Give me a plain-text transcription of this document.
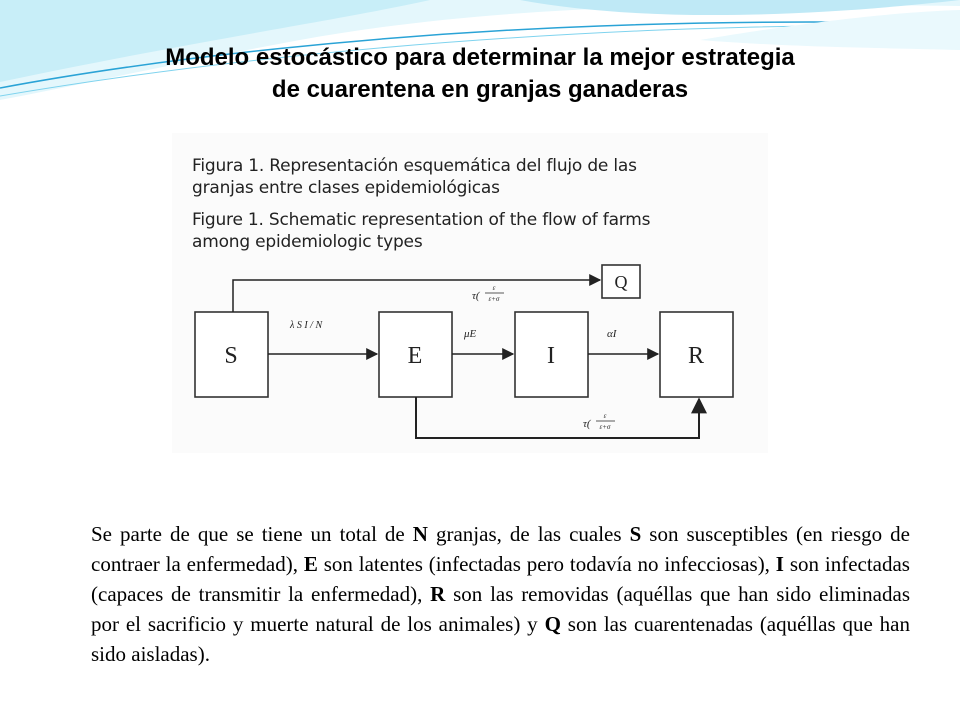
Modelo estocástico para determinar la mejor estrategia
de cuarentena en granjas ganaderas
Figura 1. Representación esquemática del flujo de las
granjas entre clases epidemiológicas
Figure 1. Schematic representation of the flow of farms
among epidemiologic types
S	E	I	R
Q
λ S I / N
μE	αI
τ(
ε
ε+σ
τ(
ε
ε+σ

Se parte de que se tiene un total de N granjas, de las cuales S son susceptibles (en riesgo de contraer la enfermedad), E son latentes (infectadas pero todavía no infecciosas), I son infectadas (capaces de transmitir la enfermedad), R son las removidas (aquéllas que han sido eliminadas por el sacrificio y muerte natural de los animales) y Q son las cuarentenadas (aquéllas que han sido aisladas).
